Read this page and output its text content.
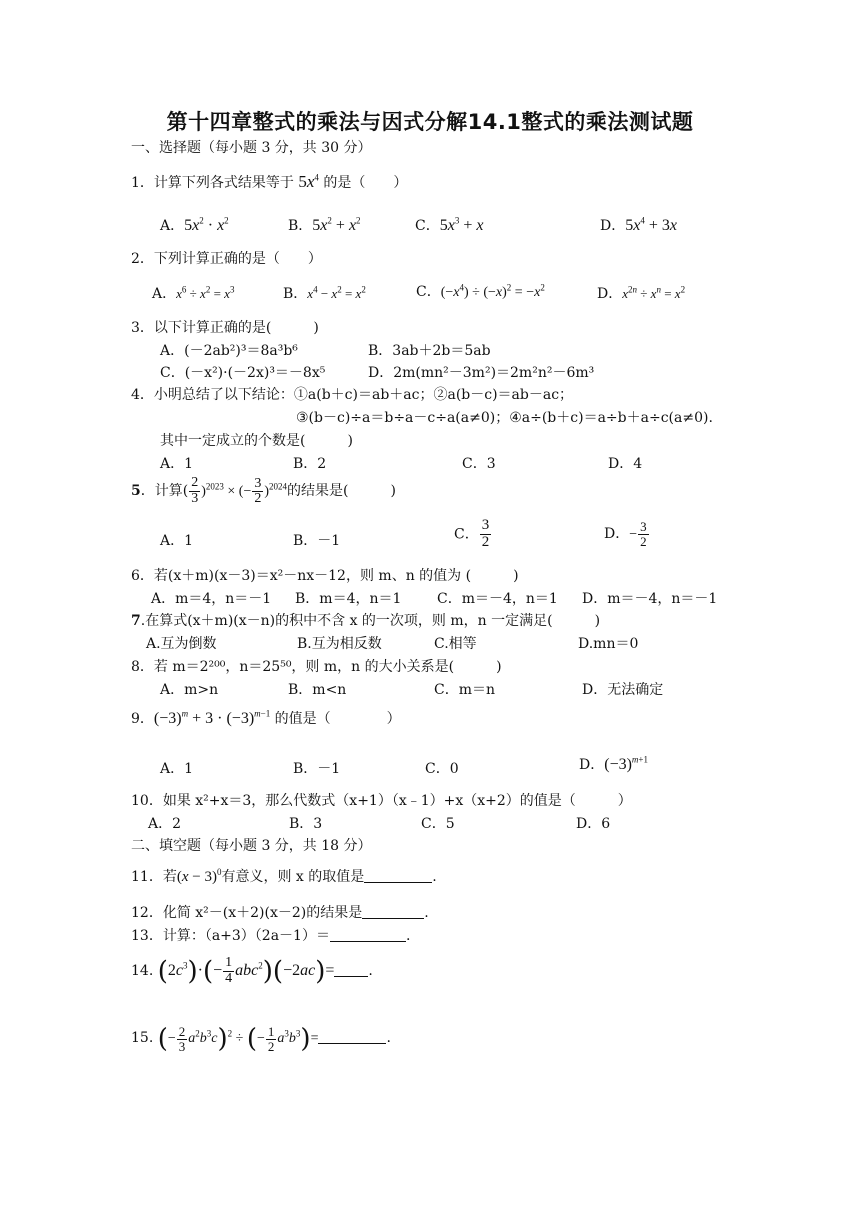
第十四章整式的乘法与因式分解14.1整式的乘法测试题
一、选择题（每小题 3 分，共 30 分）
1．计算下列各式结果等于 $5x^4$ 的是（　　）
A．$5x^2 \cdot x^2$	B．$5x^2 + x^2$	C．$5x^3 + x$	D．$5x^4 + 3x$
2．下列计算正确的是（　　）
A．$x^6 \div x^2 = x^3$	B．$x^4 - x^2 = x^2$	C．$(-x^4) \div (-x)^2 = -x^2$	D．$x^{2n} \div x^n = x^2$
3．以下计算正确的是(　　　)
A．(－2ab²)³＝8a³b⁶	B．3ab＋2b＝5ab
C．(－x²)·(－2x)³＝－8x⁵	D．2m(mn²－3m²)＝2m²n²－6m³
4．小明总结了以下结论：①a(b＋c)＝ab＋ac；②a(b－c)＝ab－ac；
③(b－c)÷a＝b÷a－c÷a(a≠0)；④a÷(b＋c)＝a÷b＋a÷c(a≠0).
其中一定成立的个数是(　　　)
A．1	B．2	C．3	D．4
5．计算( $\frac{2}{3} )^{2023}$ × (− $\frac{3}{2} )^{2024}$的结果是(　　　)
A．1	B．－1	C． $\frac{3}{2}$	D．− $\frac{3}{2}$
6．若(x＋m)(x－3)＝x²－nx－12，则 m、n 的值为 (　　　)
A．m＝4，n＝－1 B．m＝4，n＝1	C．m＝－4，n＝1 D．m＝－4，n＝－1
7.在算式(x＋m)(x－n)的积中不含 x 的一次项，则 m，n 一定满足(　　　)
A.互为倒数	B.互为相反数	C.相等	D.mn＝0
8．若 m＝2²⁰⁰，n＝25⁵⁰，则 m，n 的大小关系是(　　　)
A．m>n	B．m<n	C．m＝n	D．无法确定
9．$(-3)^m + 3 \cdot (-3)^{m-1}$ 的值是（　　　　）
A．1	B．－1	C．0	D．$(-3)^{m+1}$
10．如果 x²+x＝3，那么代数式（x+1）（x﹣1）+x（x+2）的值是（　　　）
A．2	B．3	C．5	D．6
二、填空题（每小题 3 分，共 18 分）
11．若$(x - 3)^0$有意义，则 x 的取值是	.
12．化简 x²－(x＋2)(x－2)的结果是	.
13．计算：（a+3）（2a－1）＝	.
14. $(2c^3)\cdot(- \frac{1}{4} abc^2)(-2ac)=$ .
15. (− $\frac{2}{3} a^2b^3c)^2$ ÷ (− $\frac{1}{2} a^3b^3)=$	.
